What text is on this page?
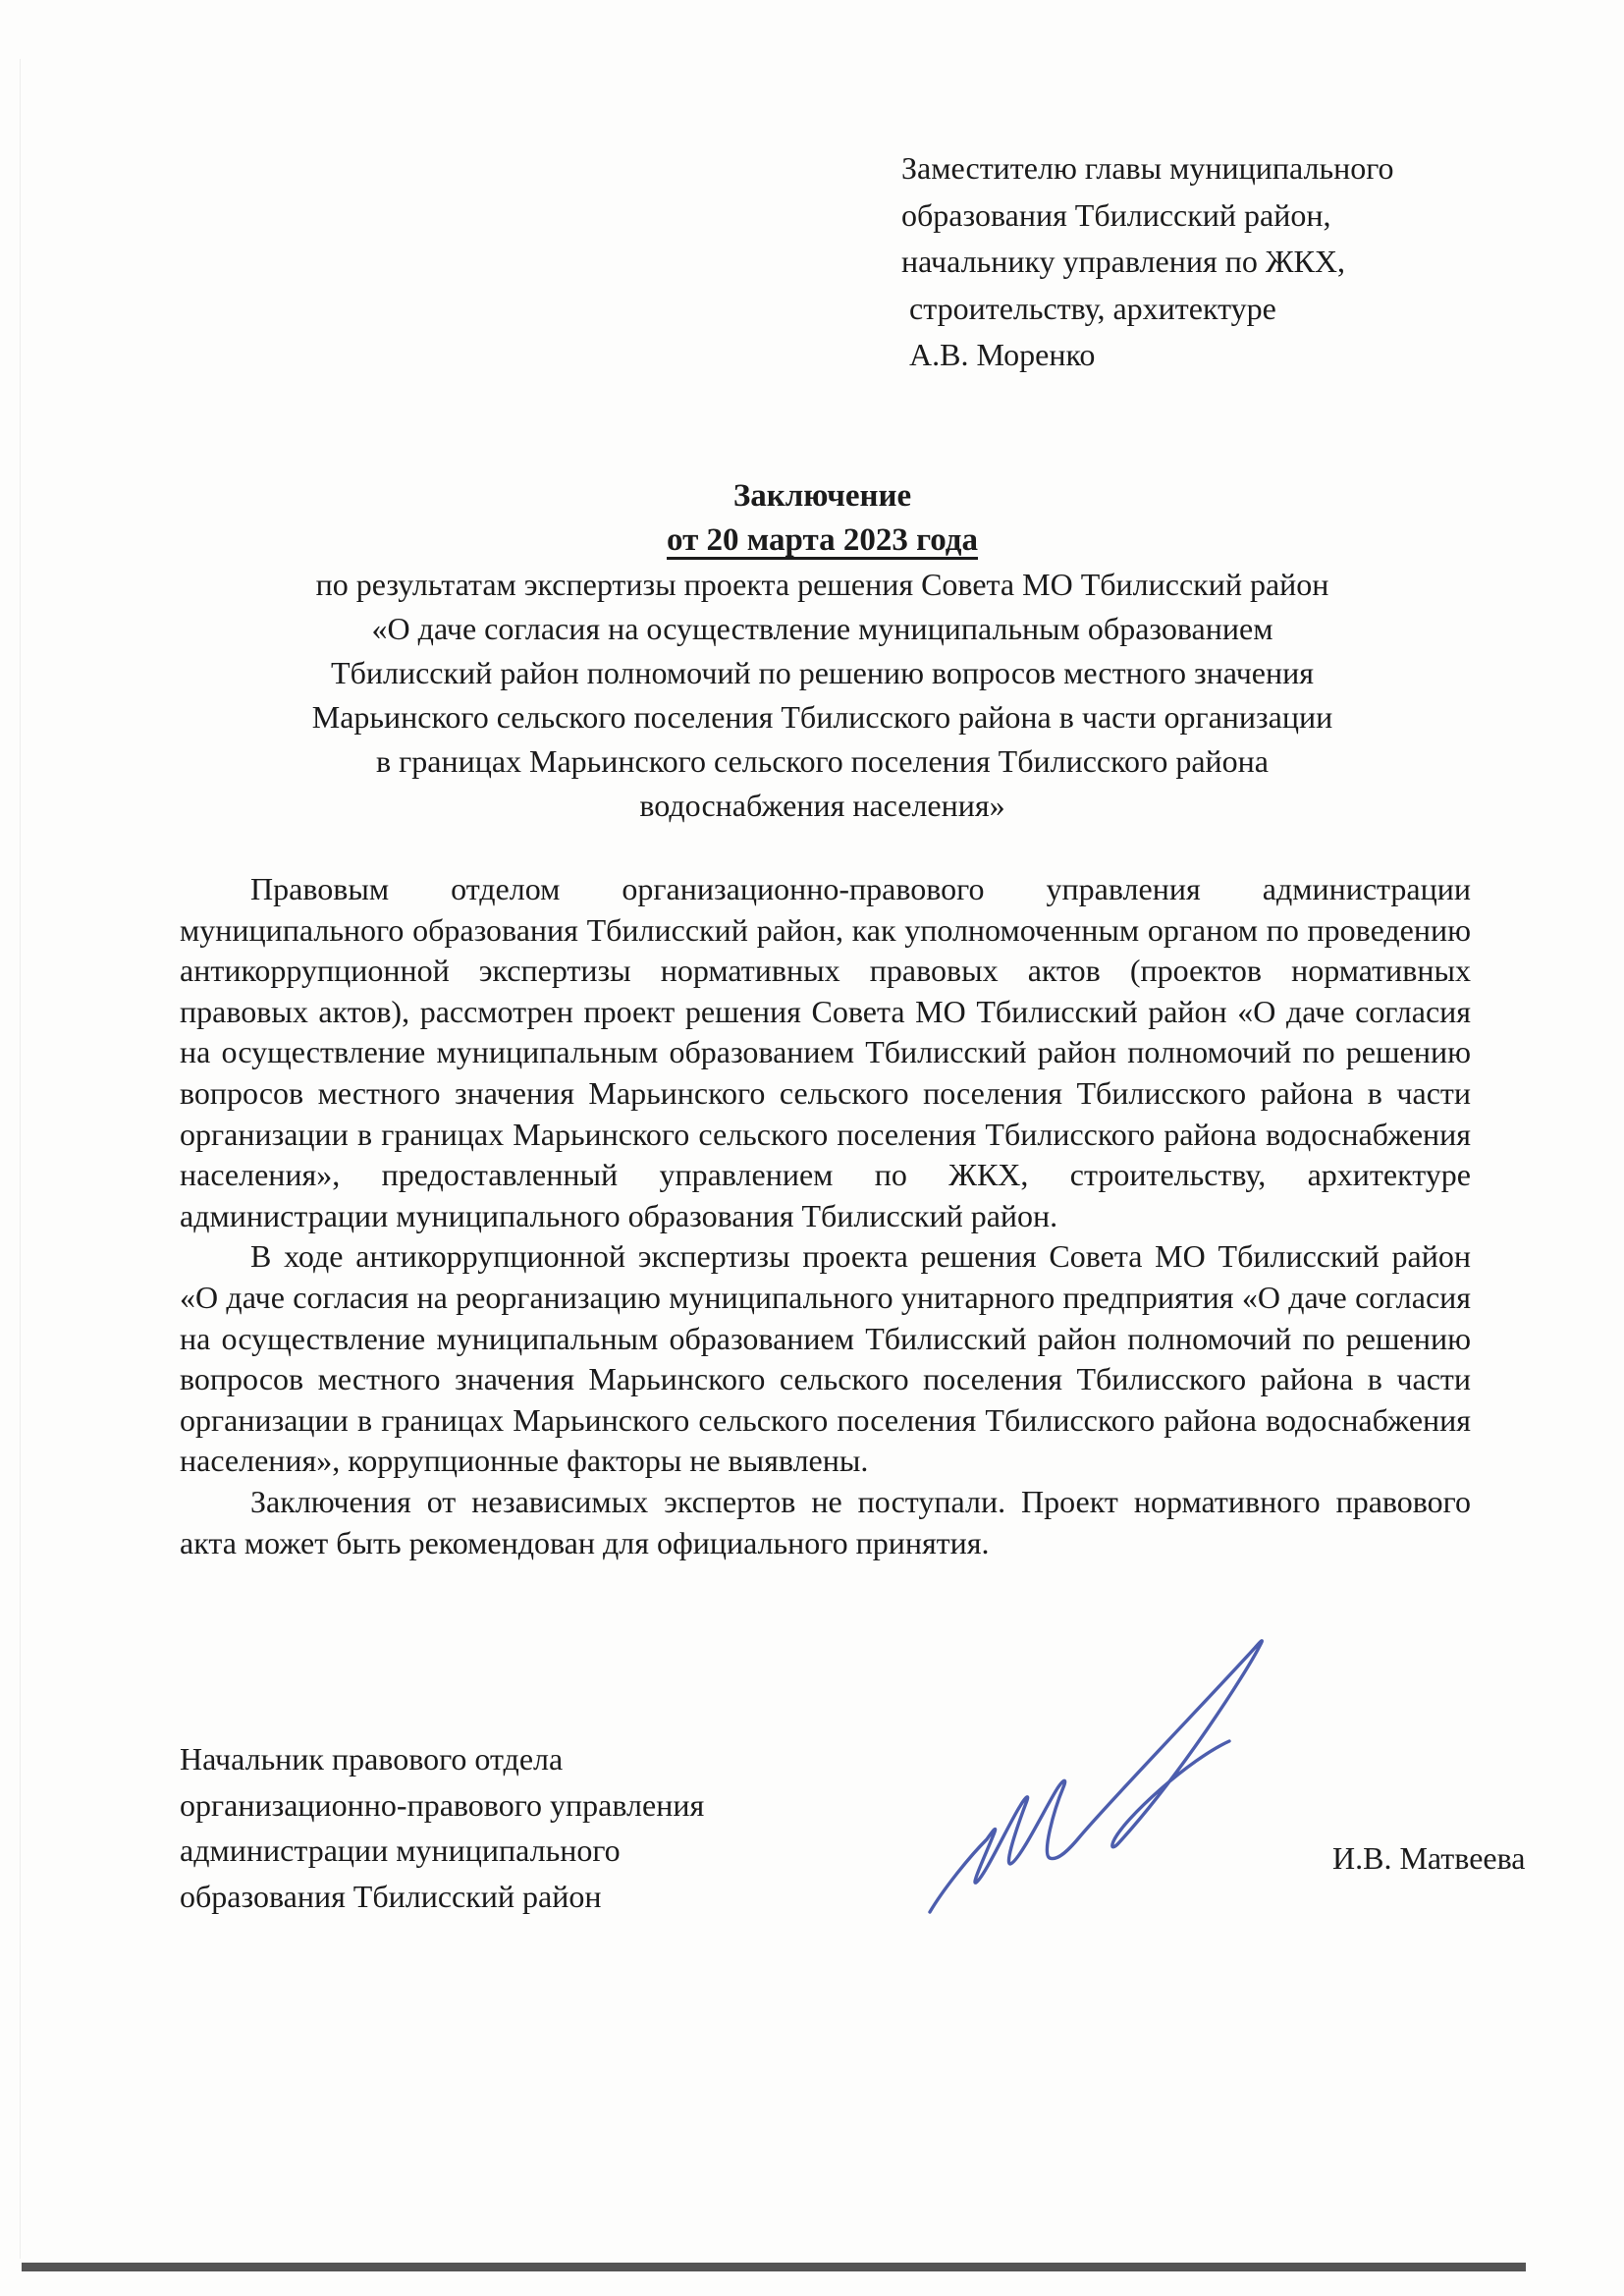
Заместителю главы муниципального
образования Тбилисский район,
начальнику управления по ЖКХ,
строительству, архитектуре
А.В. Моренко
Заключение
от 20 марта 2023 года
по результатам экспертизы проекта решения Совета МО Тбилисский район
«О даче согласия на осуществление муниципальным образованием
Тбилисский район полномочий по решению вопросов местного значения
Марьинского сельского поселения Тбилисского района в части организации
в границах Марьинского сельского поселения Тбилисского района
водоснабжения населения»

Правовым отделом организационно-правового управления администрации муниципального образования Тбилисский район, как уполномоченным органом по проведению антикоррупционной экспертизы нормативных правовых актов (проектов нормативных правовых актов), рассмотрен проект решения Совета МО Тбилисский район «О даче согласия на осуществление муниципальным образованием Тбилисский район полномочий по решению вопросов местного значения Марьинского сельского поселения Тбилисского района в части организации в границах Марьинского сельского поселения Тбилисского района водоснабжения населения», предоставленный управлением по ЖКХ, строительству, архитектуре администрации муниципального образования Тбилисский район.

В ходе антикоррупционной экспертизы проекта решения Совета МО Тбилисский район «О даче согласия на реорганизацию муниципального унитарного предприятия «О даче согласия на осуществление муниципальным образованием Тбилисский район полномочий по решению вопросов местного значения Марьинского сельского поселения Тбилисского района в части организации в границах Марьинского сельского поселения Тбилисского района водоснабжения населения», коррупционные факторы не выявлены.

Заключения от независимых экспертов не поступали. Проект нормативного правового акта может быть рекомендован для официального принятия.

Начальник правового отдела
организационно-правового управления
администрации муниципального
образования Тбилисский район
И.В. Матвеева
